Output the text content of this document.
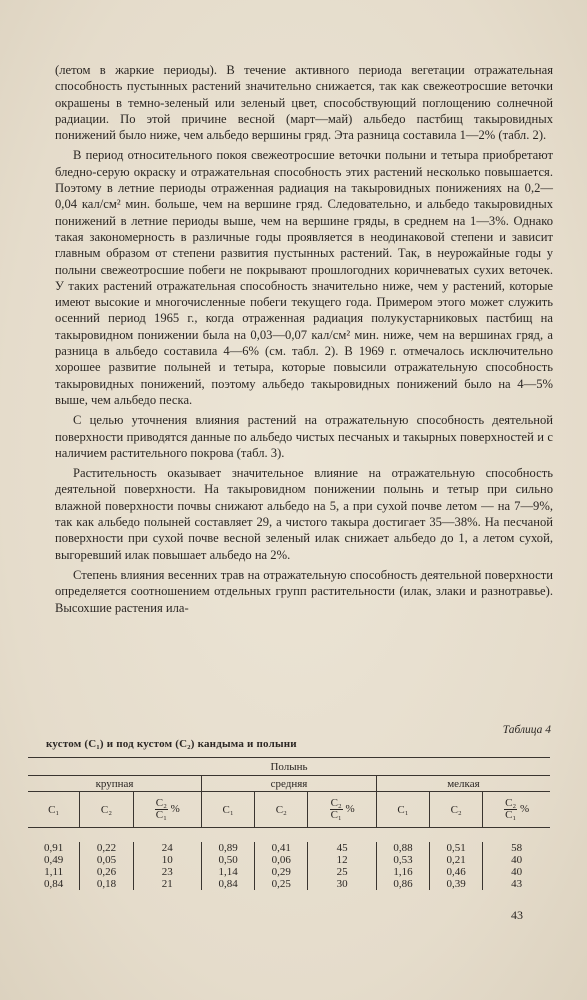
(летом в жаркие периоды). В течение активного периода вегетации отражательная способность пустынных растений значительно снижается, так как свежеотросшие веточки окрашены в темно-зеленый или зеленый цвет, способствующий поглощению солнечной радиации. По этой причине весной (март—май) альбедо пастбищ такыровидных понижений было ниже, чем альбедо вершины гряд. Эта разница составила 1—2% (табл. 2).

В период относительного покоя свежеотросшие веточки полыни и тетыра приобретают бледно-серую окраску и отражательная способность этих растений несколько повышается. Поэтому в летние периоды отраженная радиация на такыровидных понижениях на 0,2—0,04 кал/см² мин. больше, чем на вершине гряд. Следовательно, и альбедо такыровидных понижений в летние периоды выше, чем на вершине гряды, в среднем на 1—3%. Однако такая закономерность в различные годы проявляется в неодинаковой степени и зависит главным образом от степени развития пустынных растений. Так, в неурожайные годы у полыни свежеотросшие побеги не покрывают прошлогодних коричневатых сухих веточек. У таких растений отражательная способность значительно ниже, чем у растений, которые имеют высокие и многочисленные побеги текущего года. Примером этого может служить осенний период 1965 г., когда отраженная радиация полукустарниковых пастбищ на такыровидном понижении была на 0,03—0,07 кал/см² мин. ниже, чем на вершинах гряд, а разница в альбедо составила 4—6% (см. табл. 2). В 1969 г. отмечалось исключительно хорошее развитие полыней и тетыра, которые повысили отражательную способность такыровидных понижений, поэтому альбедо такыровидных понижений было на 4—5% выше, чем альбедо песка.

С целью уточнения влияния растений на отражательную способность деятельной поверхности приводятся данные по альбедо чистых песчаных и такырных поверхностей и с наличием растительного покрова (табл. 3).

Растительность оказывает значительное влияние на отражательную способность деятельной поверхности. На такыровидном понижении полынь и тетыр при сильно влажной поверхности почвы снижают альбедо на 5, а при сухой почве летом — на 7—9%, так как альбедо полыней составляет 29, а чистого такыра достигает 35—38%. На песчаной поверхности при сухой почве весной зеленый илак снижает альбедо до 1, а летом сухой, выгоревший илак повышает альбедо на 2%.

Степень влияния весенних трав на отражательную способность деятельной поверхности определяется соотношением отдельных групп растительности (илак, злаки и разнотравье). Высохшие растения ила-

Таблица 4
кустом (C₁) и под кустом (C₂) кандыма и полыни
Полынь								
крупная			средняя			мелкая		
C₁	C₂	$\frac{\text{C₂}}{\text{C₁}}$ %	C₁	C₂	$\frac{\text{C₂}}{\text{C₁}}$ %	C₁	C₂	$\frac{\text{C₂}}{\text{C₁}}$ %

0,91	0,22	24	0,89	0,41	45	0,88	0,51	58
0,49	0,05	10	0,50	0,06	12	0,53	0,21	40
1,11	0,26	23	1,14	0,29	25	1,16	0,46	40
0,84	0,18	21	0,84	0,25	30	0,86	0,39	43
43
